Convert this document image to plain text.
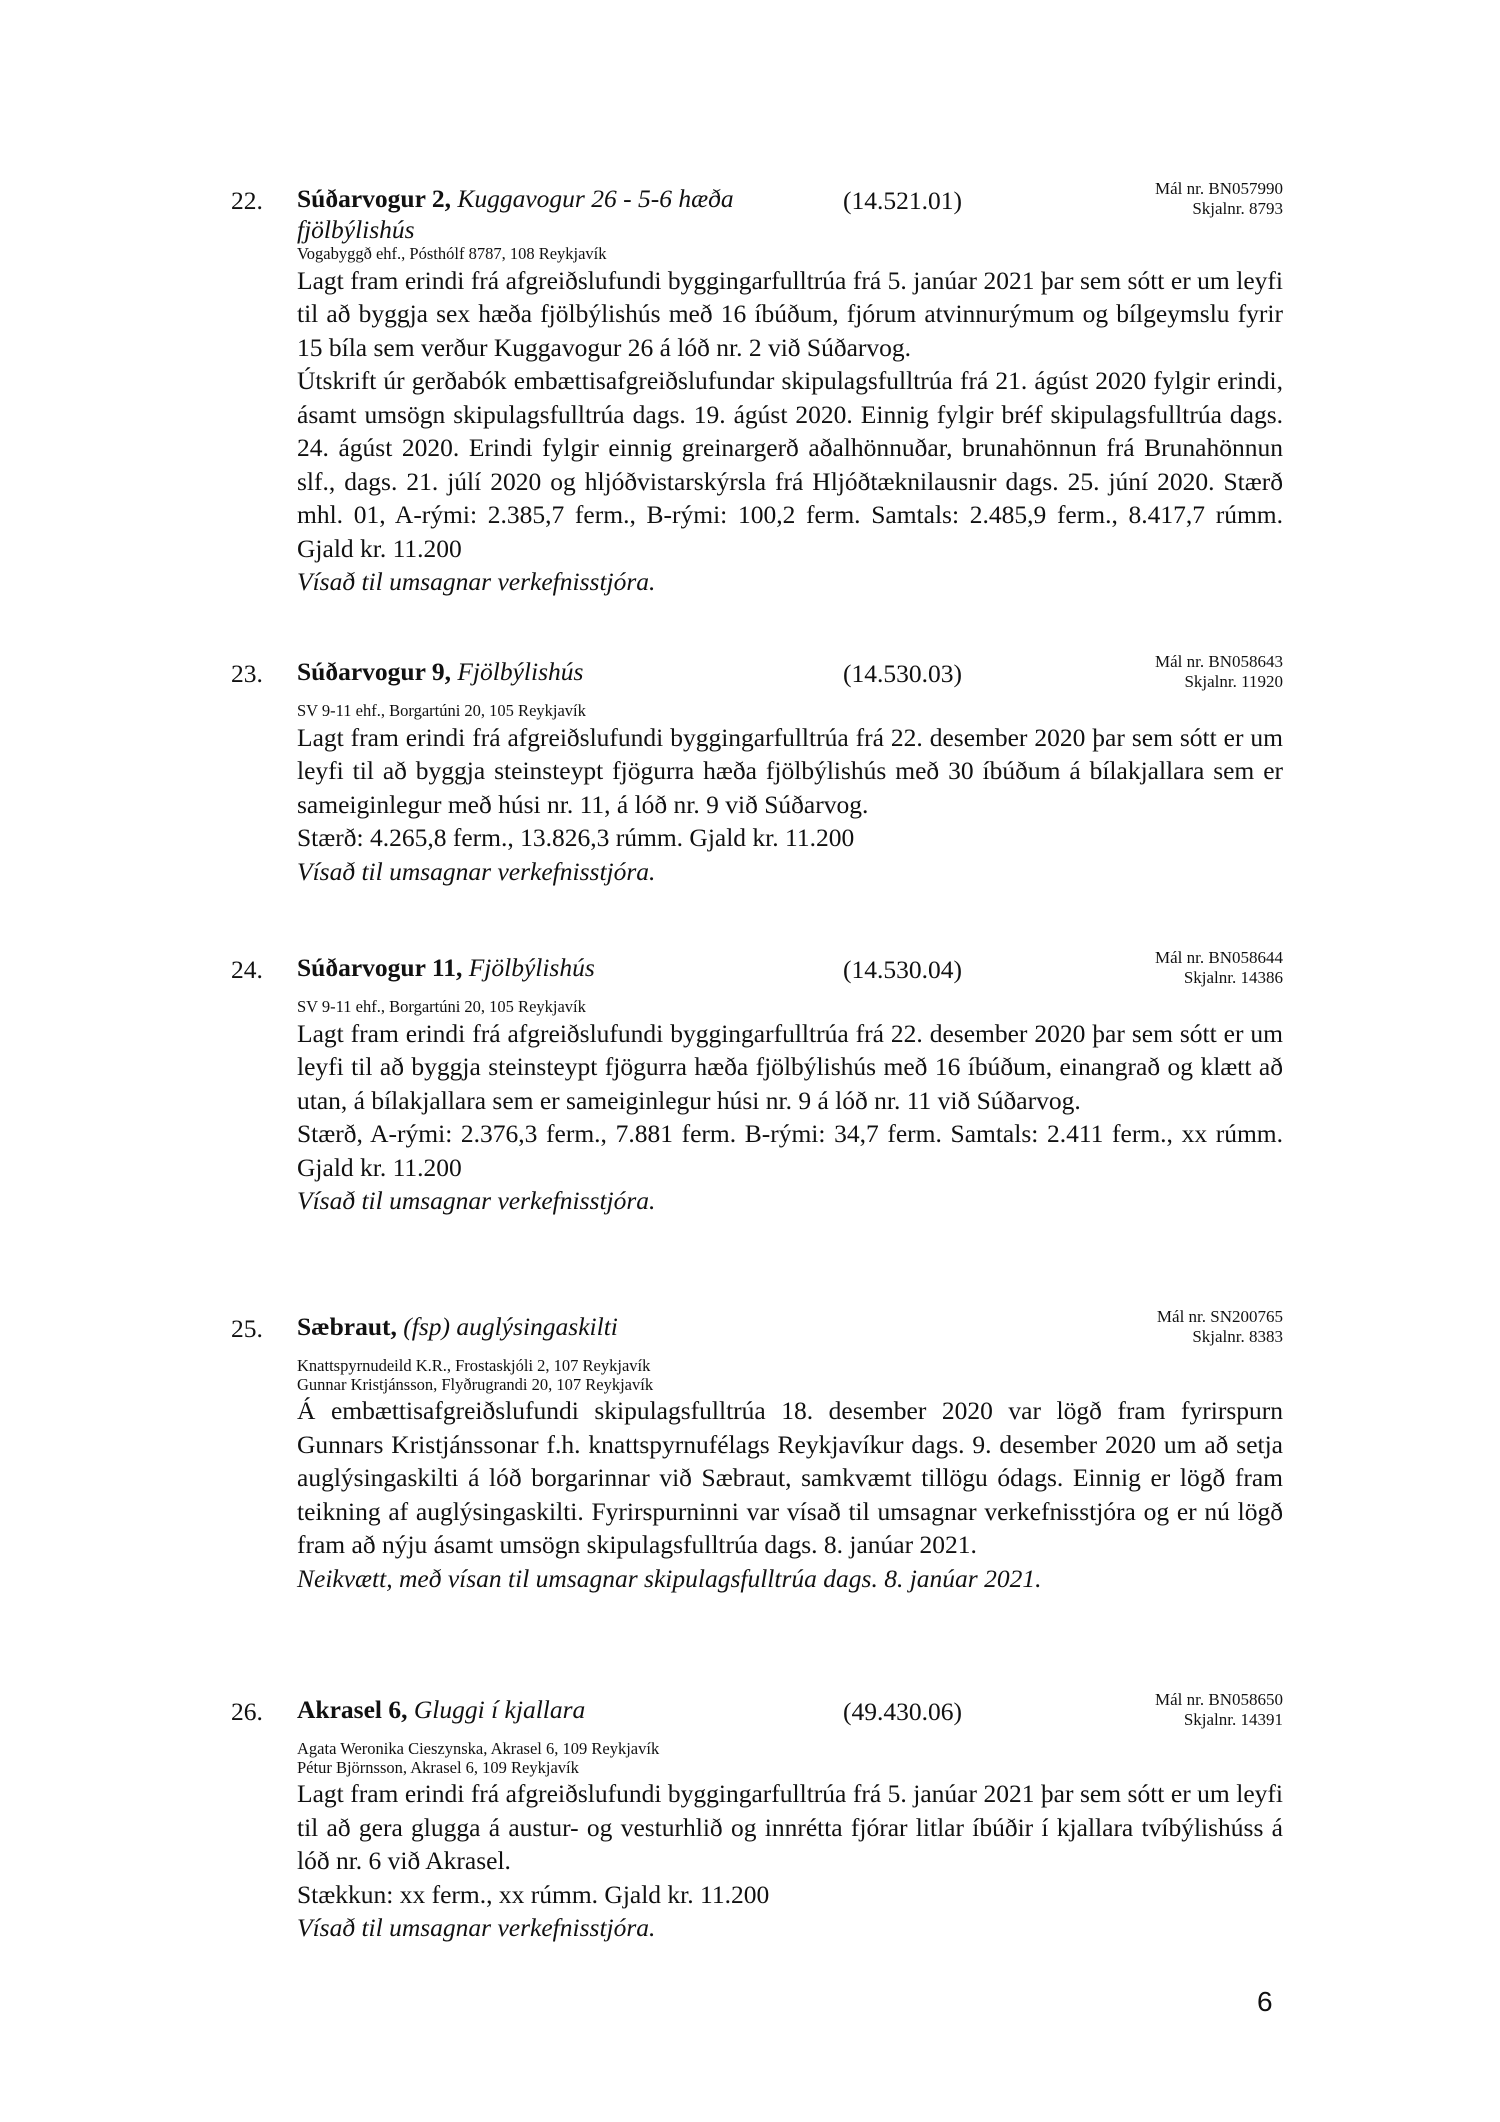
22. Súðarvogur 2, Kuggavogur 26 - 5-6 hæða
fjölbýlishús
(14.521.01)	Mál nr. BN057990
Skjalnr. 8793
Vogabyggð ehf., Pósthólf 8787, 108 Reykjavík

Lagt fram erindi frá afgreiðslufundi byggingarfulltrúa frá 5. janúar 2021 þar sem sótt er um leyfi til að byggja sex hæða fjölbýlishús með 16 íbúðum, fjórum atvinnurýmum og bílgeymslu fyrir 15 bíla sem verður Kuggavogur 26 á lóð nr. 2 við Súðarvog.

Útskrift úr gerðabók embættisafgreiðslufundar skipulagsfulltrúa frá 21. ágúst 2020 fylgir erindi, ásamt umsögn skipulagsfulltrúa dags. 19. ágúst 2020. Einnig fylgir bréf skipulagsfulltrúa dags. 24. ágúst 2020. Erindi fylgir einnig greinargerð aðalhönnuðar, brunahönnun frá Brunahönnun slf., dags. 21. júlí 2020 og hljóðvistarskýrsla frá Hljóðtæknilausnir dags. 25. júní 2020. Stærð mhl. 01, A-rými: 2.385,7 ferm., B-rými: 100,2 ferm. Samtals: 2.485,9 ferm., 8.417,7 rúmm. Gjald kr. 11.200

Vísað til umsagnar verkefnisstjóra.
23. Súðarvogur 9, Fjölbýlishús	(14.530.03)	Mál nr. BN058643
Skjalnr. 11920
SV 9-11 ehf., Borgartúni 20, 105 Reykjavík

Lagt fram erindi frá afgreiðslufundi byggingarfulltrúa frá 22. desember 2020 þar sem sótt er um leyfi til að byggja steinsteypt fjögurra hæða fjölbýlishús með 30 íbúðum á bílakjallara sem er sameiginlegur með húsi nr. 11, á lóð nr. 9 við Súðarvog.

Stærð: 4.265,8 ferm., 13.826,3 rúmm. Gjald kr. 11.200

Vísað til umsagnar verkefnisstjóra.
24. Súðarvogur 11, Fjölbýlishús	(14.530.04)	Mál nr. BN058644
Skjalnr. 14386
SV 9-11 ehf., Borgartúni 20, 105 Reykjavík

Lagt fram erindi frá afgreiðslufundi byggingarfulltrúa frá 22. desember 2020 þar sem sótt er um leyfi til að byggja steinsteypt fjögurra hæða fjölbýlishús með 16 íbúðum, einangrað og klætt að utan, á bílakjallara sem er sameiginlegur húsi nr. 9 á lóð nr. 11 við Súðarvog.

Stærð, A-rými: 2.376,3 ferm., 7.881 ferm. B-rými: 34,7 ferm. Samtals: 2.411 ferm., xx rúmm. Gjald kr. 11.200

Vísað til umsagnar verkefnisstjóra.
25. Sæbraut, (fsp) auglýsingaskilti	Mál nr. SN200765
Skjalnr. 8383
Knattspyrnudeild K.R., Frostaskjóli 2, 107 Reykjavík
Gunnar Kristjánsson, Flyðrugrandi 20, 107 Reykjavík

Á embættisafgreiðslufundi skipulagsfulltrúa 18. desember 2020 var lögð fram fyrirspurn Gunnars Kristjánssonar f.h. knattspyrnufélags Reykjavíkur dags. 9. desember 2020 um að setja auglýsingaskilti á lóð borgarinnar við Sæbraut, samkvæmt tillögu ódags. Einnig er lögð fram teikning af auglýsingaskilti. Fyrirspurninni var vísað til umsagnar verkefnisstjóra og er nú lögð fram að nýju ásamt umsögn skipulagsfulltrúa dags. 8. janúar 2021.

Neikvætt, með vísan til umsagnar skipulagsfulltrúa dags. 8. janúar 2021.
26. Akrasel 6, Gluggi í kjallara	(49.430.06)	Mál nr. BN058650
Skjalnr. 14391
Agata Weronika Cieszynska, Akrasel 6, 109 Reykjavík
Pétur Björnsson, Akrasel 6, 109 Reykjavík

Lagt fram erindi frá afgreiðslufundi byggingarfulltrúa frá 5. janúar 2021 þar sem sótt er um leyfi til að gera glugga á austur- og vesturhlið og innrétta fjórar litlar íbúðir í kjallara tvíbýlishúss á lóð nr. 6 við Akrasel.

Stækkun: xx ferm., xx rúmm. Gjald kr. 11.200

Vísað til umsagnar verkefnisstjóra.
6
